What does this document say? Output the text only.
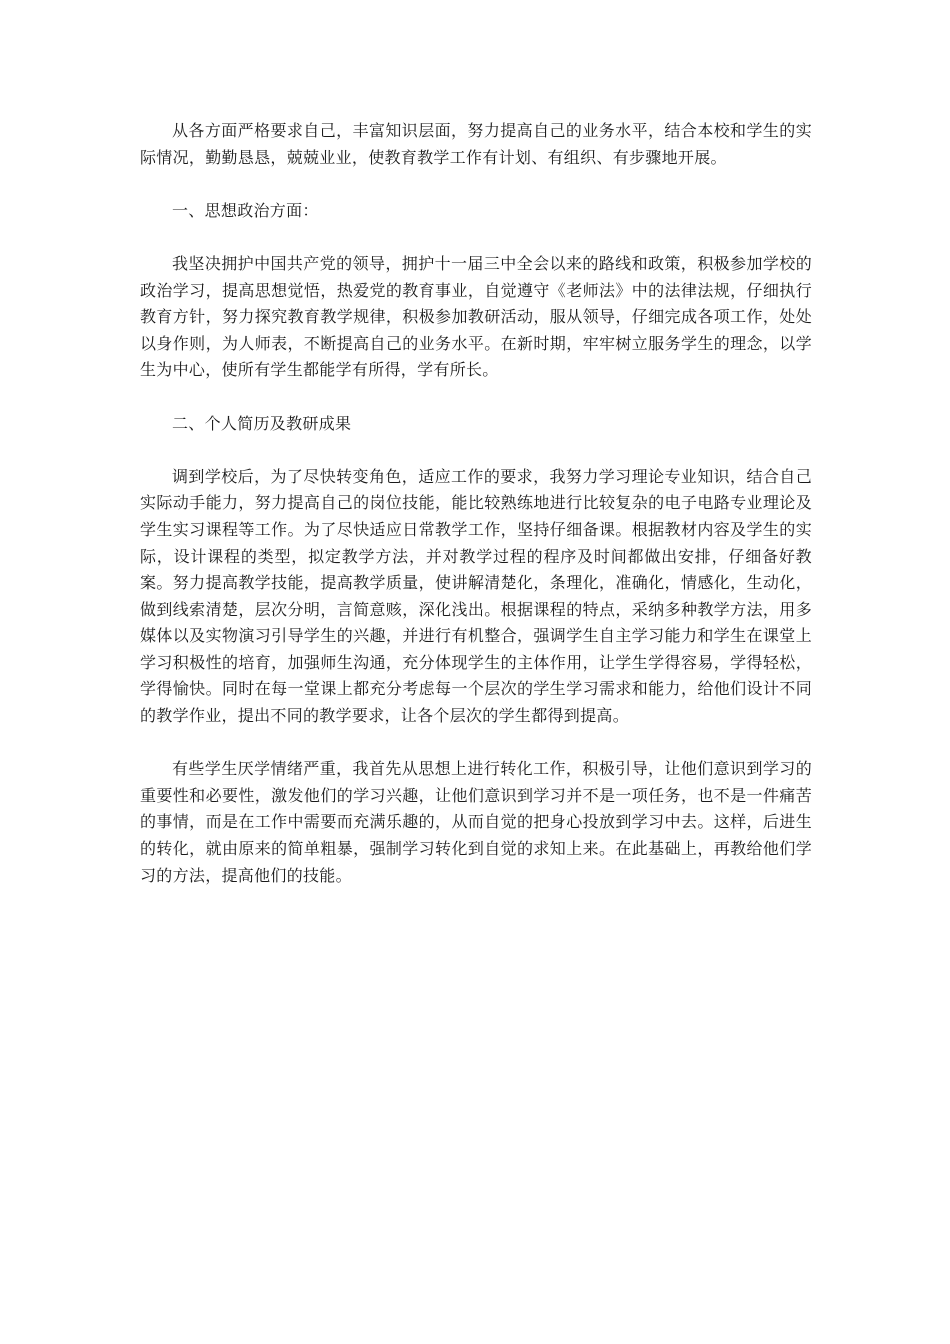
从各方面严格要求自己，丰富知识层面，努力提高自己的业务水平，结合本校和学生的实际情况，勤勤恳恳，兢兢业业，使教育教学工作有计划、有组织、有步骤地开展。

一、思想政治方面：

我坚决拥护中国共产党的领导，拥护十一届三中全会以来的路线和政策，积极参加学校的政治学习，提高思想觉悟，热爱党的教育事业，自觉遵守《老师法》中的法律法规，仔细执行教育方针，努力探究教育教学规律，积极参加教研活动，服从领导，仔细完成各项工作，处处以身作则，为人师表，不断提高自己的业务水平。在新时期，牢牢树立服务学生的理念，以学生为中心，使所有学生都能学有所得，学有所长。

二、个人简历及教研成果

调到学校后，为了尽快转变角色，适应工作的要求，我努力学习理论专业知识，结合自己实际动手能力，努力提高自己的岗位技能，能比较熟练地进行比较复杂的电子电路专业理论及学生实习课程等工作。为了尽快适应日常教学工作，坚持仔细备课。根据教材内容及学生的实际，设计课程的类型，拟定教学方法，并对教学过程的程序及时间都做出安排，仔细备好教案。努力提高教学技能，提高教学质量，使讲解清楚化，条理化，准确化，情感化，生动化，做到线索清楚，层次分明，言简意赅，深化浅出。根据课程的特点，采纳多种教学方法，用多媒体以及实物演习引导学生的兴趣，并进行有机整合，强调学生自主学习能力和学生在课堂上学习积极性的培育，加强师生沟通，充分体现学生的主体作用，让学生学得容易，学得轻松，学得愉快。同时在每一堂课上都充分考虑每一个层次的学生学习需求和能力，给他们设计不同的教学作业，提出不同的教学要求，让各个层次的学生都得到提高。

有些学生厌学情绪严重，我首先从思想上进行转化工作，积极引导，让他们意识到学习的重要性和必要性，激发他们的学习兴趣，让他们意识到学习并不是一项任务，也不是一件痛苦的事情，而是在工作中需要而充满乐趣的，从而自觉的把身心投放到学习中去。这样，后进生的转化，就由原来的简单粗暴，强制学习转化到自觉的求知上来。在此基础上，再教给他们学习的方法，提高他们的技能。
